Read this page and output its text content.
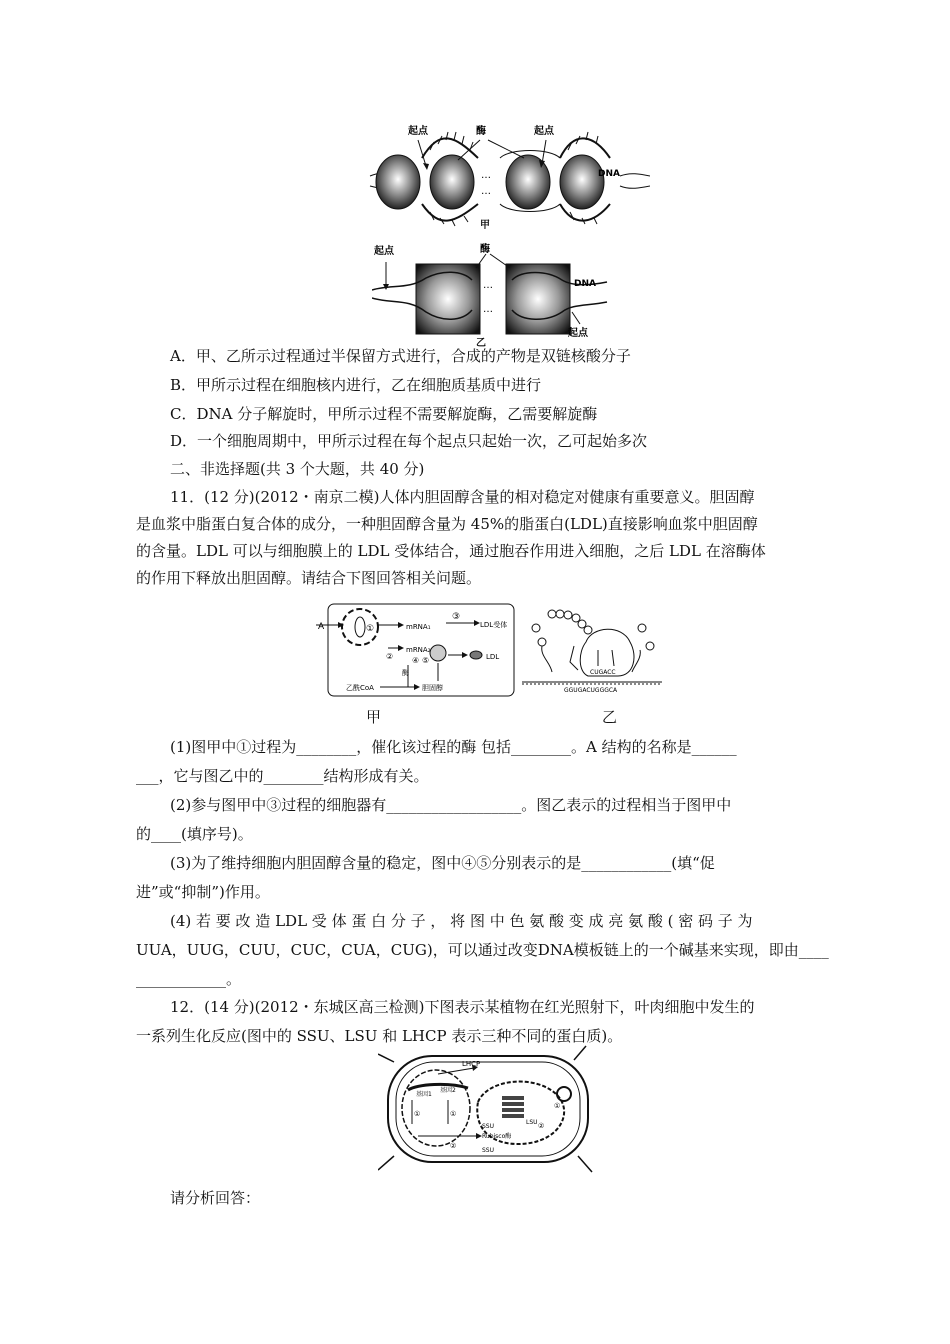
起点	酶	起点
DNA
…
…
甲
起点	酶
DNA
起点
…
…
乙
A．甲、乙所示过程通过半保留方式进行，合成的产物是双链核酸分子
B．甲所示过程在细胞核内进行，乙在细胞质基质中进行
C．DNA 分子解旋时，甲所示过程不需要解旋酶，乙需要解旋酶
D．一个细胞周期中，甲所示过程在每个起点只起始一次，乙可起始多次
二、非选择题(共 3 个大题，共 40 分)
11．(12 分)(2012・南京二模)人体内胆固醇含量的相对稳定对健康有重要意义。胆固醇
是血浆中脂蛋白复合体的成分，一种胆固醇含量为 45%的脂蛋白(LDL)直接影响血浆中胆固醇
的含量。LDL 可以与细胞膜上的 LDL 受体结合，通过胞吞作用进入细胞，之后 LDL 在溶酶体
的作用下释放出胆固醇。请结合下图回答相关问题。
A	①	mRNA₁
③
LDL受体
mRNA₂
④ ⑤
②	LDL
酶
乙酰CoA	胆固醇
甲
CUGACC
GGUGACUGGGCA
乙
(1)图甲中①过程为________，催化该过程的酶 包括________。A 结构的名称是______
___，它与图乙中的________结构形成有关。
(2)参与图甲中③过程的细胞器有__________________。图乙表示的过程相当于图甲中
的____(填序号)。
(3)为了维持细胞内胆固醇含量的稳定，图中④⑤分别表示的是____________(填“促
进”或“抑制”)作用。
(4) 若 要 改 造 LDL 受 体 蛋 白 分 子 ， 将 图 中 色 氨 酸 变 成 亮 氨 酸 ( 密 码 子 为
UUA，UUG，CUU，CUC，CUA，CUG)，可以通过改变DNA模板链上的一个碱基来实现，即由____
____________。
12．(14 分)(2012・东城区高三检测)下图表示某植物在红光照射下，叶肉细胞中发生的
一系列生化反应(图中的 SSU、LSU 和 LHCP 表示三种不同的蛋白质)。
LHCP
基因1
基因2
①	①
②
①
②
SSU
LSU
Rubisco酶
SSU
请分析回答：
